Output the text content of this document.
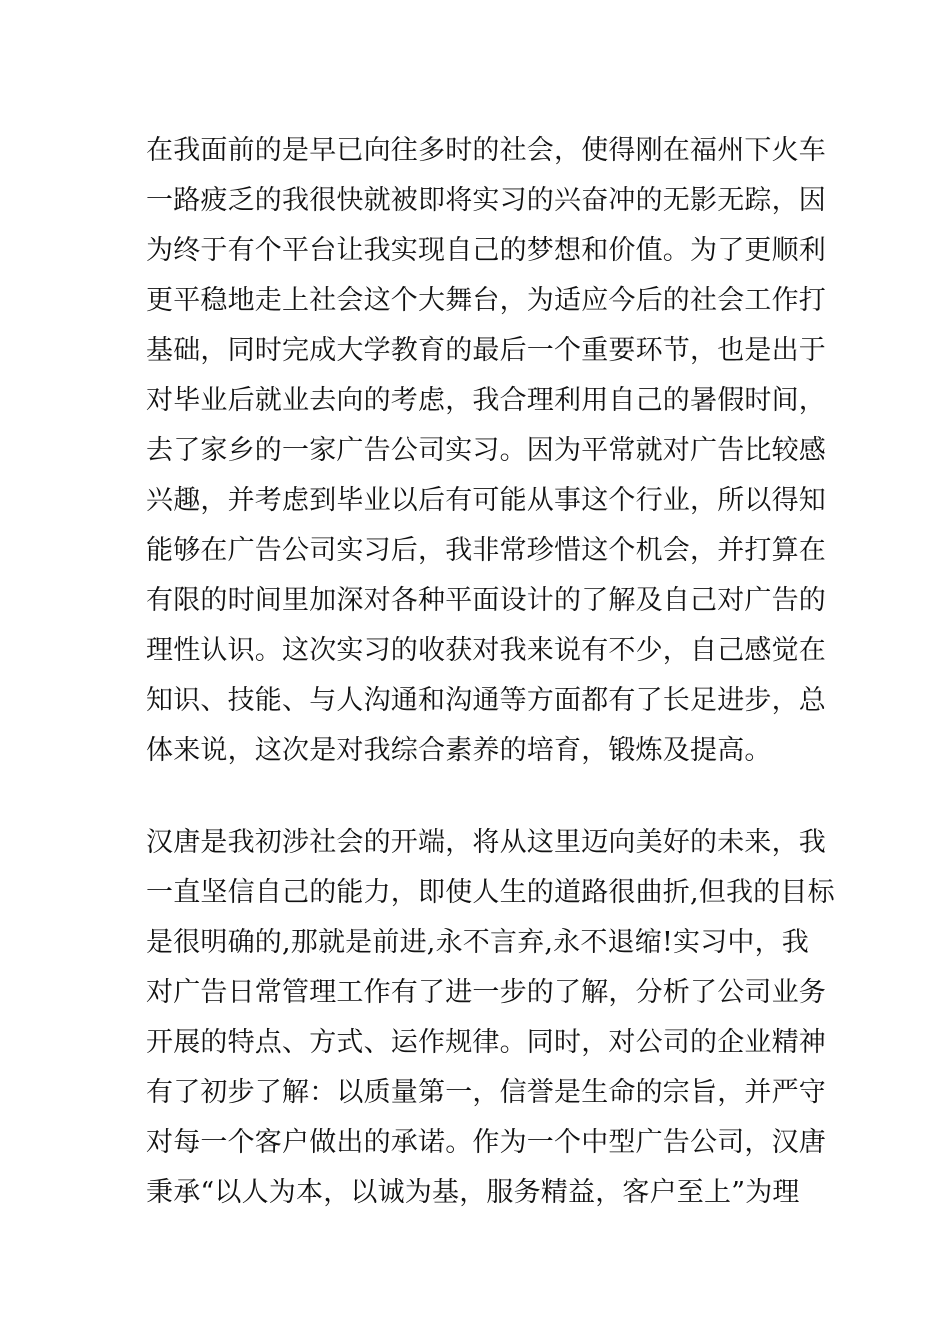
在我面前的是早已向往多时的社会，使得刚在福州下火车
一路疲乏的我很快就被即将实习的兴奋冲的无影无踪，因
为终于有个平台让我实现自己的梦想和价值。为了更顺利
更平稳地走上社会这个大舞台，为适应今后的社会工作打
基础，同时完成大学教育的最后一个重要环节，也是出于
对毕业后就业去向的考虑，我合理利用自己的暑假时间，
去了家乡的一家广告公司实习。因为平常就对广告比较感
兴趣，并考虑到毕业以后有可能从事这个行业，所以得知
能够在广告公司实习后，我非常珍惜这个机会，并打算在
有限的时间里加深对各种平面设计的了解及自己对广告的
理性认识。这次实习的收获对我来说有不少，自己感觉在
知识、技能、与人沟通和沟通等方面都有了长足进步，总
体来说，这次是对我综合素养的培育，锻炼及提高。
汉唐是我初涉社会的开端，将从这里迈向美好的未来，我
一直坚信自己的能力，即使人生的道路很曲折,但我的目标
是很明确的,那就是前进,永不言弃,永不退缩!实习中，我
对广告日常管理工作有了进一步的了解，分析了公司业务
开展的特点、方式、运作规律。同时，对公司的企业精神
有了初步了解：以质量第一，信誉是生命的宗旨，并严守
对每一个客户做出的承诺。作为一个中型广告公司，汉唐
秉承“以人为本，以诚为基，服务精益，客户至上”为理
